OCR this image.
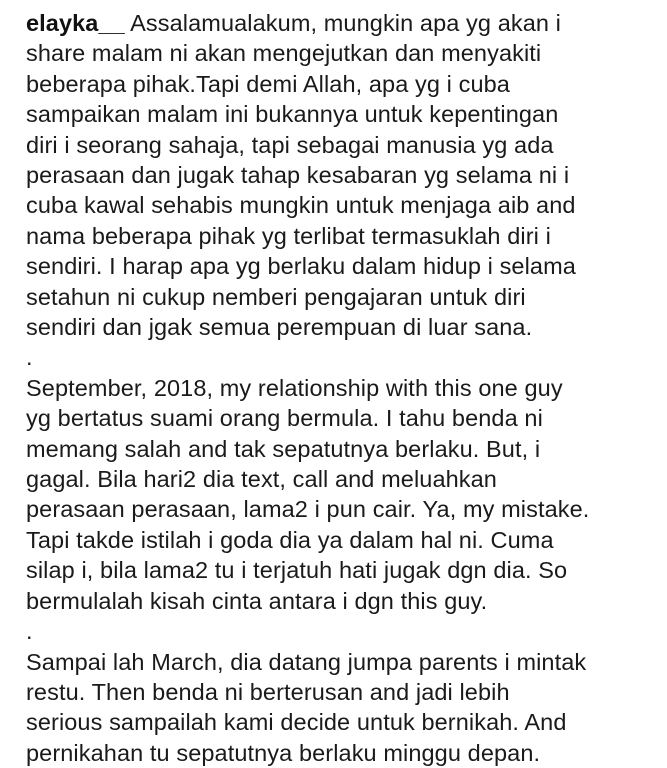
elayka__ Assalamualakum, mungkin apa yg akan i
share malam ni akan mengejutkan dan menyakiti
beberapa pihak.Tapi demi Allah, apa yg i cuba
sampaikan malam ini bukannya untuk kepentingan
diri i seorang sahaja, tapi sebagai manusia yg ada
perasaan dan jugak tahap kesabaran yg selama ni i
cuba kawal sehabis mungkin untuk menjaga aib and
nama beberapa pihak yg terlibat termasuklah diri i
sendiri. I harap apa yg berlaku dalam hidup i selama
setahun ni cukup nemberi pengajaran untuk diri
sendiri dan jgak semua perempuan di luar sana.
.
September, 2018, my relationship with this one guy
yg bertatus suami orang bermula. I tahu benda ni
memang salah and tak sepatutnya berlaku. But, i
gagal. Bila hari2 dia text, call and meluahkan
perasaan perasaan, lama2 i pun cair. Ya, my mistake.
Tapi takde istilah i goda dia ya dalam hal ni. Cuma
silap i, bila lama2 tu i terjatuh hati jugak dgn dia. So
bermulalah kisah cinta antara i dgn this guy.
.
Sampai lah March, dia datang jumpa parents i mintak
restu. Then benda ni berterusan and jadi lebih
serious sampailah kami decide untuk bernikah. And
pernikahan tu sepatutnya berlaku minggu depan.
